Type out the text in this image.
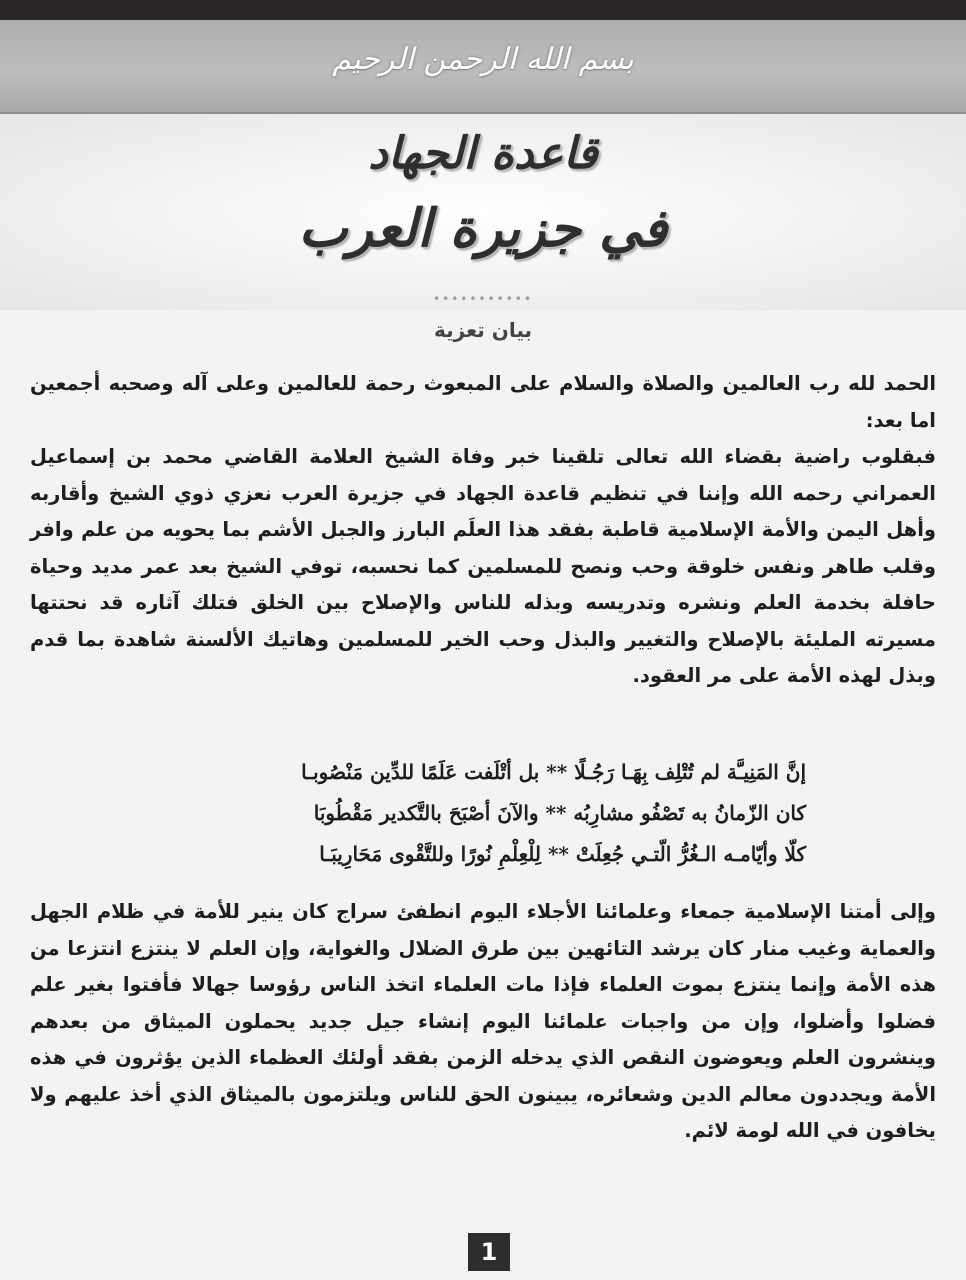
بسم الله الرحمن الرحيم
قاعدة الجهاد
في جزيرة العرب
•••••••••••
بيان تعزية
الحمد لله رب العالمين والصلاة والسلام على المبعوث رحمة للعالمين وعلى آله وصحبه أجمعين اما بعد:
فبقلوب راضية بقضاء الله تعالى تلقينا خبر وفاة الشيخ العلامة القاضي محمد بن إسماعيل العمراني رحمه الله وإننا في تنظيم قاعدة الجهاد في جزيرة العرب نعزي ذوي الشيخ وأقاربه وأهل اليمن والأمة الإسلامية قاطبة بفقد هذا العلَم البارز والجبل الأشم بما يحويه من علم وافر وقلب طاهر ونفس خلوقة وحب ونصح للمسلمين كما نحسبه، توفي الشيخ بعد عمر مديد وحياة حافلة بخدمة العلم ونشره وتدريسه وبذله للناس والإصلاح بين الخلق فتلك آثاره قد نحتتها مسيرته المليئة بالإصلاح والتغيير والبذل وحب الخير للمسلمين وهاتيك الألسنة شاهدة بما قدم وبذل لهذه الأمة على مر العقود.
إنَّ المَنِيـَّة لم تُتْلِف بِهَـا رَجُـلًا ** بل أتْلَفت عَلَمًا للدِّين مَنْصُوبـا
كان الزّمانُ به تَصْفُو مشارِبُه ** والآنَ أصْبَحَ بالتَّكدير مَقْطُوبَا
كلّا وأيّامـه الـغُرُّ الّتـي جُعِلَتْ ** لِلْعِلْمِ نُورًا وللتَّقْوى مَحَارِيبَـا
وإلى أمتنا الإسلامية جمعاء وعلمائنا الأجلاء اليوم انطفئ سراج كان ينير للأمة في ظلام الجهل والعماية وغيب منار كان يرشد التائهين بين طرق الضلال والغواية، وإن العلم لا ينتزع انتزعا من هذه الأمة وإنما ينتزع بموت العلماء فإذا مات العلماء اتخذ الناس رؤوسا جهالا فأفتوا بغير علم فضلوا وأضلوا، وإن من واجبات علمائنا اليوم إنشاء جيل جديد يحملون الميثاق من بعدهم وينشرون العلم ويعوضون النقص الذي يدخله الزمن بفقد أولئك العظماء الذين يؤثرون في هذه الأمة ويجددون معالم الدين وشعائره، يبينون الحق للناس ويلتزمون بالميثاق الذي أخذ عليهم ولا يخافون في الله لومة لائم.
1
